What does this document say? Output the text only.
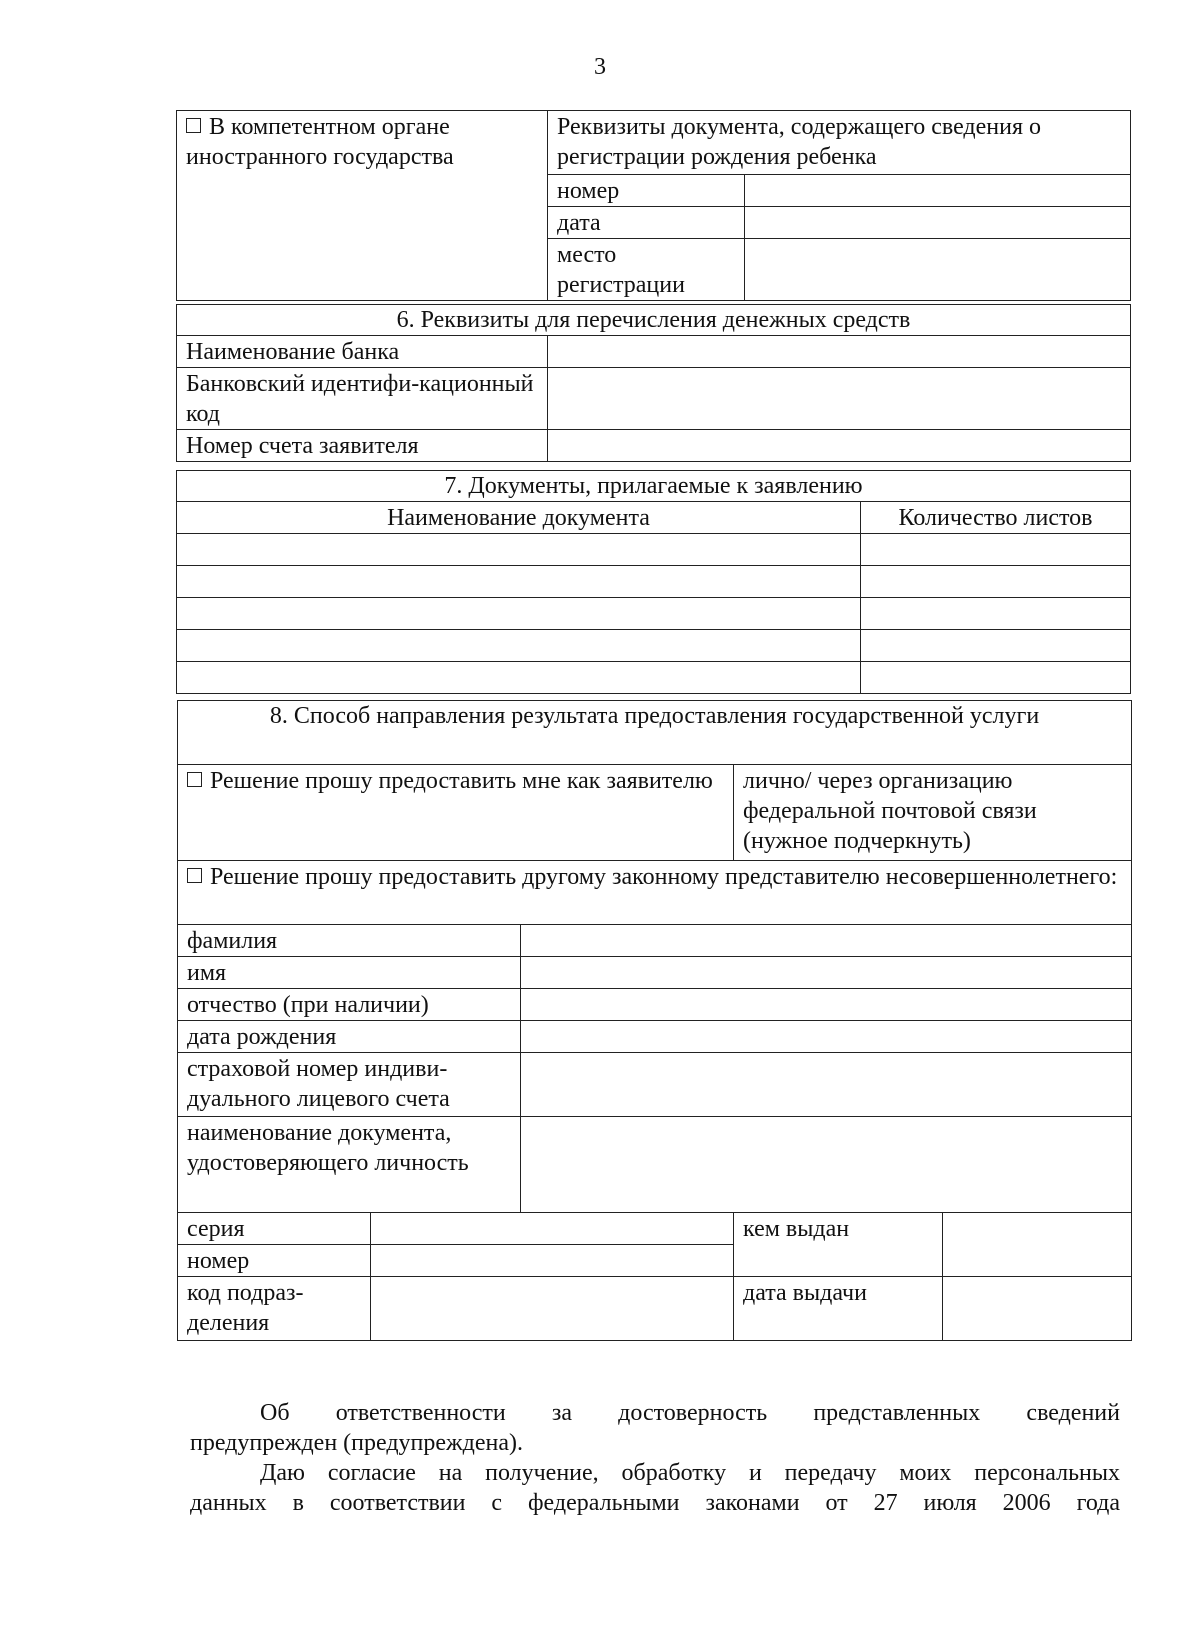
3
В компетентном органе иностранного государства	Реквизиты документа, содержащего сведения о регистрации рождения ребенка	
	номер	
	дата	
	место регистрации	
6. Реквизиты для перечисления денежных средств	
Наименование банка	
Банковский идентифи-кационный код	
Номер счета заявителя	
7. Документы, прилагаемые к заявлению	
Наименование документа	Количество листов

8. Способ направления результата предоставления государственной услуги				
Решение прошу предоставить мне как заявителю			лично/ через организацию федеральной почтовой связи (нужное подчеркнуть)	
Решение прошу предоставить другому законному представителю несовершеннолетнего:				
фамилия				
имя				
отчество (при наличии)				
дата рождения				
страховой номер индиви-дуального лицевого счета				
наименование документа, удостоверяющего личность				
серия			кем выдан	
номер				
код подраз-деления			дата выдачи	
Об ответственности за достоверность представленных сведений
предупрежден (предупреждена).
Даю согласие на получение, обработку и передачу моих персональных
данных в соответствии с федеральными законами от 27 июля 2006 года
